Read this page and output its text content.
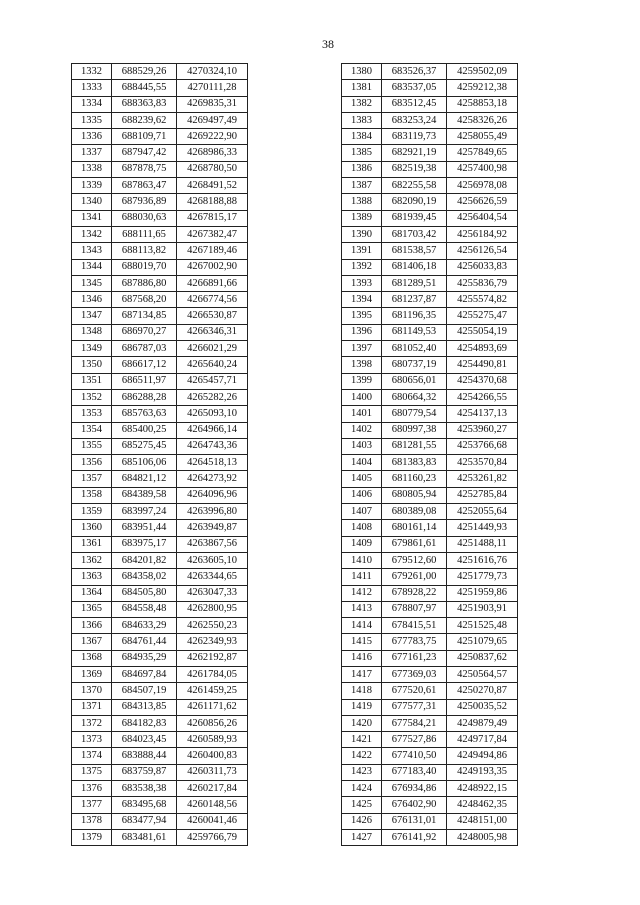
38
1332	688529,26	4270324,10
1333	688445,55	4270111,28
1334	688363,83	4269835,31
1335	688239,62	4269497,49
1336	688109,71	4269222,90
1337	687947,42	4268986,33
1338	687878,75	4268780,50
1339	687863,47	4268491,52
1340	687936,89	4268188,88
1341	688030,63	4267815,17
1342	688111,65	4267382,47
1343	688113,82	4267189,46
1344	688019,70	4267002,90
1345	687886,80	4266891,66
1346	687568,20	4266774,56
1347	687134,85	4266530,87
1348	686970,27	4266346,31
1349	686787,03	4266021,29
1350	686617,12	4265640,24
1351	686511,97	4265457,71
1352	686288,28	4265282,26
1353	685763,63	4265093,10
1354	685400,25	4264966,14
1355	685275,45	4264743,36
1356	685106,06	4264518,13
1357	684821,12	4264273,92
1358	684389,58	4264096,96
1359	683997,24	4263996,80
1360	683951,44	4263949,87
1361	683975,17	4263867,56
1362	684201,82	4263605,10
1363	684358,02	4263344,65
1364	684505,80	4263047,33
1365	684558,48	4262800,95
1366	684633,29	4262550,23
1367	684761,44	4262349,93
1368	684935,29	4262192,87
1369	684697,84	4261784,05
1370	684507,19	4261459,25
1371	684313,85	4261171,62
1372	684182,83	4260856,26
1373	684023,45	4260589,93
1374	683888,44	4260400,83
1375	683759,87	4260311,73
1376	683538,38	4260217,84
1377	683495,68	4260148,56
1378	683477,94	4260041,46
1379	683481,61	4259766,79
1380	683526,37	4259502,09
1381	683537,05	4259212,38
1382	683512,45	4258853,18
1383	683253,24	4258326,26
1384	683119,73	4258055,49
1385	682921,19	4257849,65
1386	682519,38	4257400,98
1387	682255,58	4256978,08
1388	682090,19	4256626,59
1389	681939,45	4256404,54
1390	681703,42	4256184,92
1391	681538,57	4256126,54
1392	681406,18	4256033,83
1393	681289,51	4255836,79
1394	681237,87	4255574,82
1395	681196,35	4255275,47
1396	681149,53	4255054,19
1397	681052,40	4254893,69
1398	680737,19	4254490,81
1399	680656,01	4254370,68
1400	680664,32	4254266,55
1401	680779,54	4254137,13
1402	680997,38	4253960,27
1403	681281,55	4253766,68
1404	681383,83	4253570,84
1405	681160,23	4253261,82
1406	680805,94	4252785,84
1407	680389,08	4252055,64
1408	680161,14	4251449,93
1409	679861,61	4251488,11
1410	679512,60	4251616,76
1411	679261,00	4251779,73
1412	678928,22	4251959,86
1413	678807,97	4251903,91
1414	678415,51	4251525,48
1415	677783,75	4251079,65
1416	677161,23	4250837,62
1417	677369,03	4250564,57
1418	677520,61	4250270,87
1419	677577,31	4250035,52
1420	677584,21	4249879,49
1421	677527,86	4249717,84
1422	677410,50	4249494,86
1423	677183,40	4249193,35
1424	676934,86	4248922,15
1425	676402,90	4248462,35
1426	676131,01	4248151,00
1427	676141,92	4248005,98
